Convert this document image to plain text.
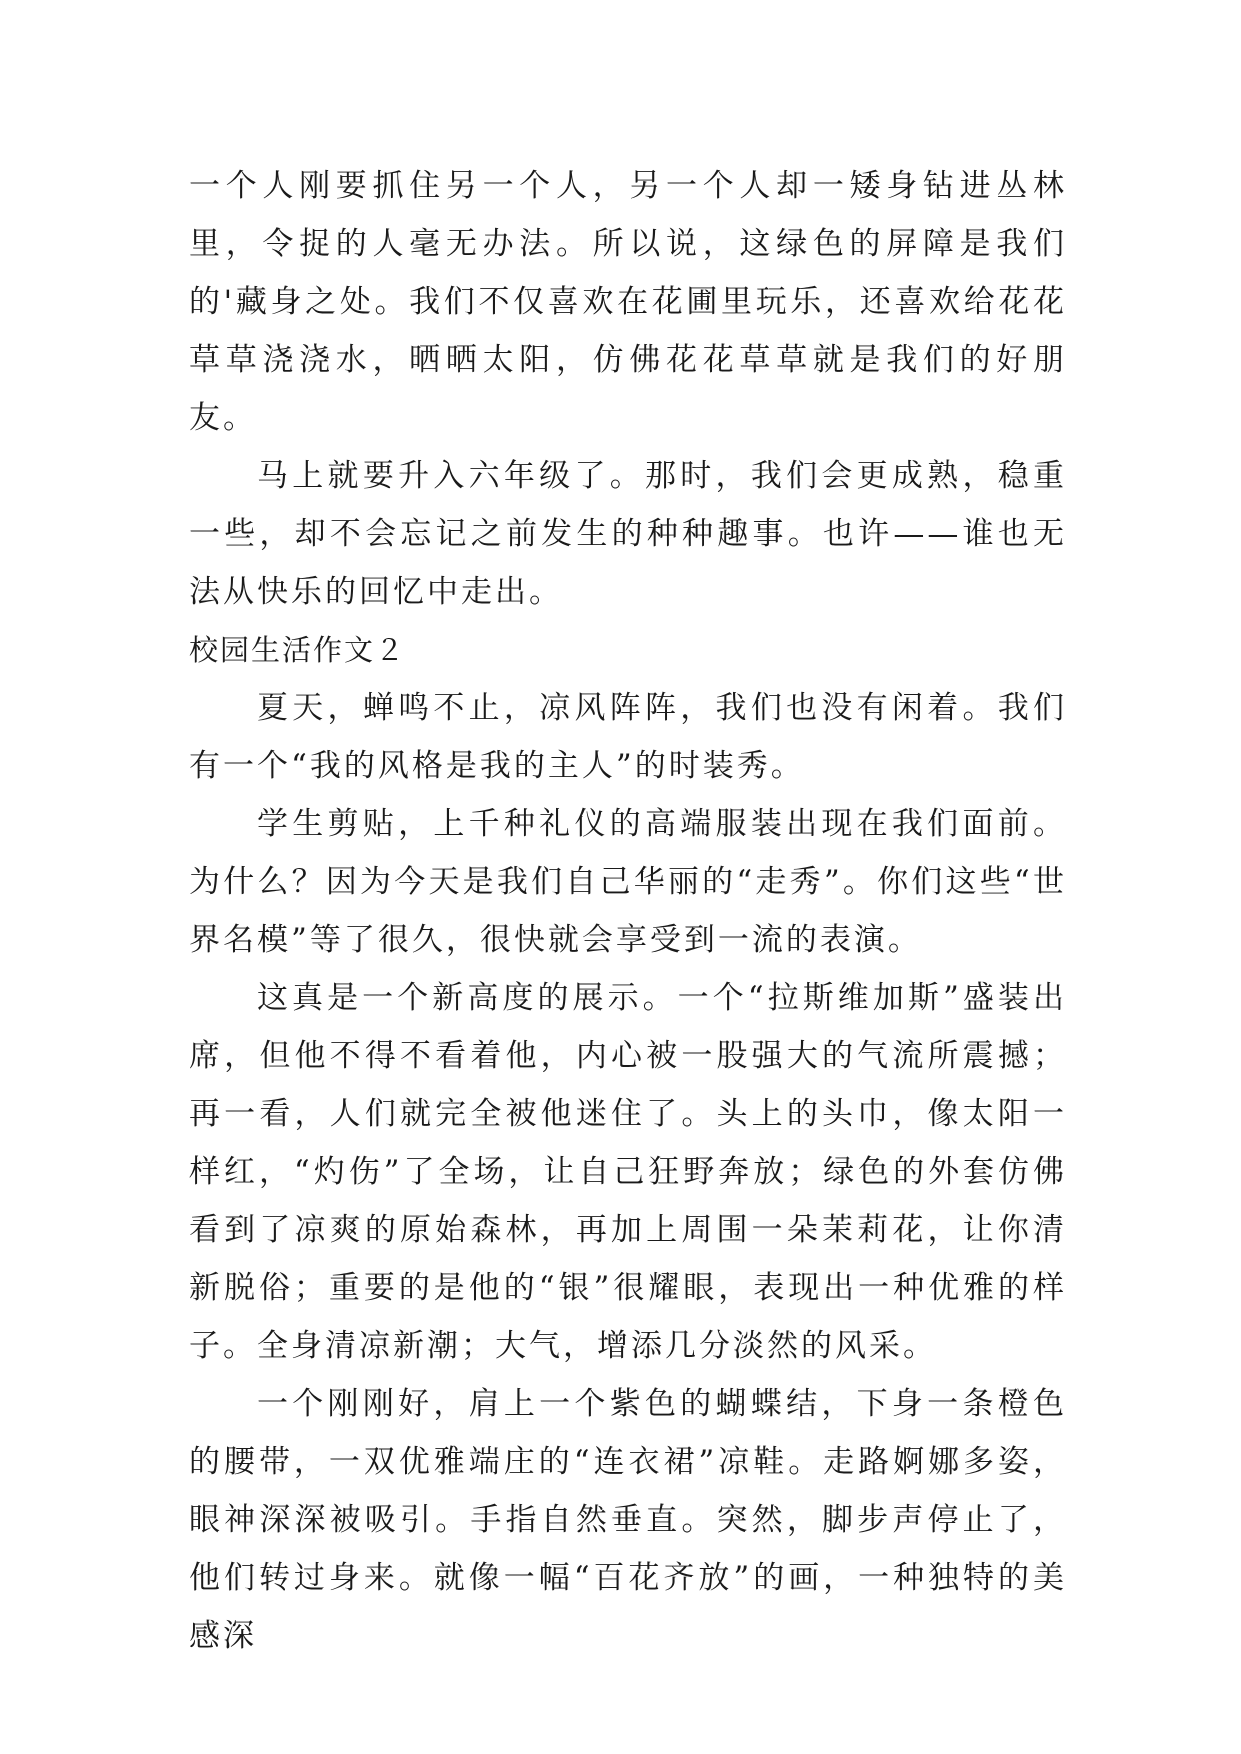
一个人刚要抓住另一个人，另一个人却一矮身钻进丛林里，令捉的人毫无办法。所以说，这绿色的屏障是我们的'藏身之处。我们不仅喜欢在花圃里玩乐，还喜欢给花花草草浇浇水，晒晒太阳，仿佛花花草草就是我们的好朋友。

马上就要升入六年级了。那时，我们会更成熟，稳重一些，却不会忘记之前发生的种种趣事。也许——谁也无法从快乐的回忆中走出。

校园生活作文２

夏天，蝉鸣不止，凉风阵阵，我们也没有闲着。我们有一个“我的风格是我的主人”的时装秀。

学生剪贴，上千种礼仪的高端服装出现在我们面前。为什么？因为今天是我们自己华丽的“走秀”。你们这些“世界名模”等了很久，很快就会享受到一流的表演。

这真是一个新高度的展示。一个“拉斯维加斯”盛装出席，但他不得不看着他，内心被一股强大的气流所震撼；再一看，人们就完全被他迷住了。头上的头巾，像太阳一样红，“灼伤”了全场，让自己狂野奔放；绿色的外套仿佛看到了凉爽的原始森林，再加上周围一朵茉莉花，让你清新脱俗；重要的是他的“银”很耀眼，表现出一种优雅的样子。全身清凉新潮；大气，增添几分淡然的风采。

一个刚刚好，肩上一个紫色的蝴蝶结，下身一条橙色的腰带，一双优雅端庄的“连衣裙”凉鞋。走路婀娜多姿，眼神深深被吸引。手指自然垂直。突然，脚步声停止了，他们转过身来。就像一幅“百花齐放”的画，一种独特的美感深
